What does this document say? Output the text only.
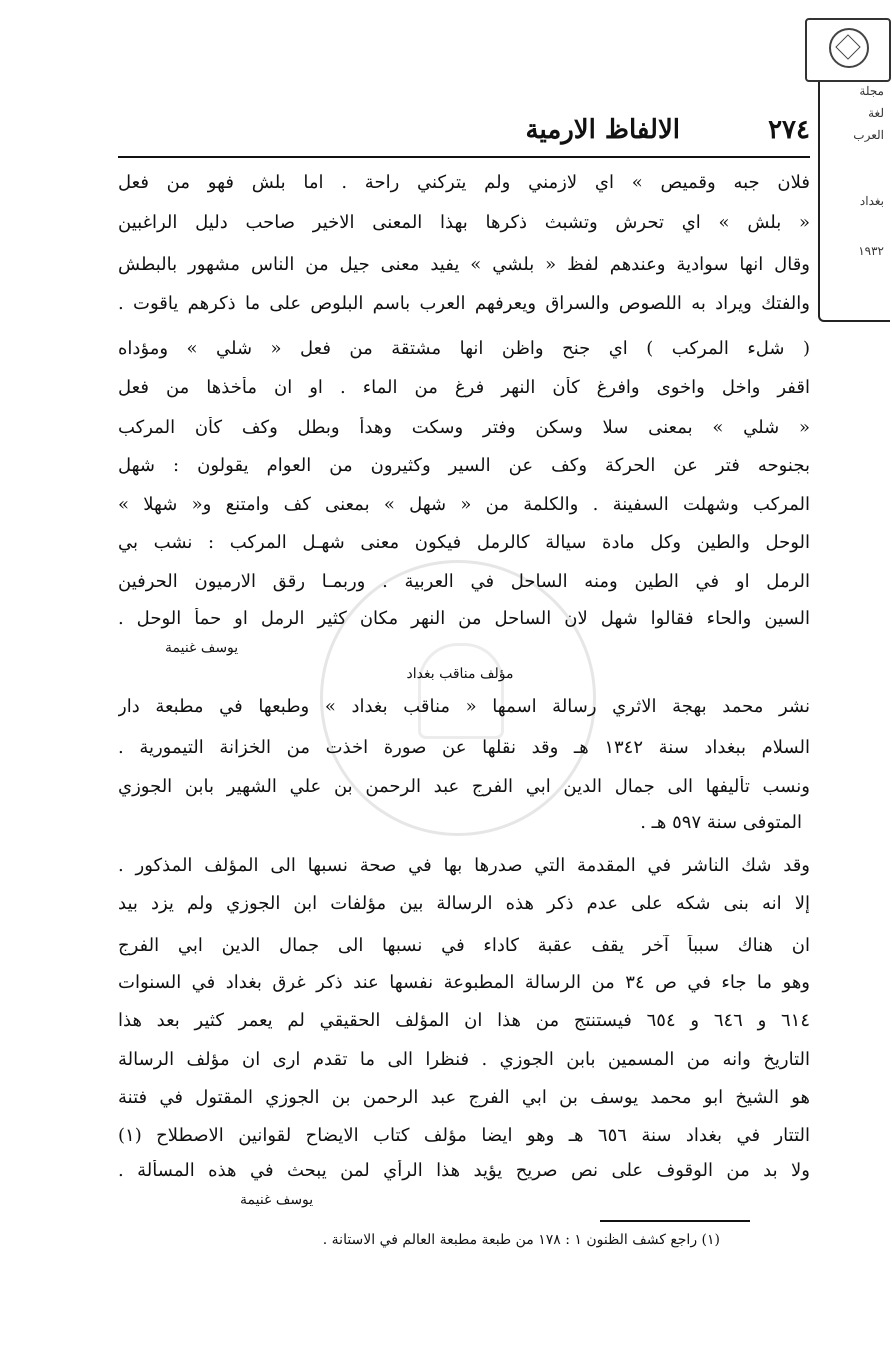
مجلة
لغة
العرب
بغداد
١٩٣٢
٢٧٤
الالفاظ الارمية
فلان جبه وقميص » اي لازمني ولم يتركني راحة . اما بلش فهو من فعل
« بلش » اي تحرش وتشبث ذكرها بهذا المعنى الاخير صاحب دليل الراغبين
وقال انها سوادية وعندهم لفظ « بلشي » يفيد معنى جيل من الناس مشهور بالبطش
والفتك ويراد به اللصوص والسراق ويعرفهم العرب باسم البلوص على ما ذكرهم ياقوت .
( شلء المركب ) اي جنح واظن انها مشتقة من فعل « شلي » ومؤداه
اقفر واخل واخوى وافرغ كأن النهر فرغ من الماء . او ان مأخذها من فعل
« شلي » بمعنى سلا وسكن وفتر وسكت وهدأ وبطل وكف كأن المركب
بجنوحه فتر عن الحركة وكف عن السير وكثيرون من العوام يقولون : شهل
المركب وشهلت السفينة . والكلمة من « شهل » بمعنى كف وامتنع و« شهلا »
الوحل والطين وكل مادة سيالة كالرمل فيكون معنى شهـل المركب : نشب بي
الرمل او في الطين ومنه الساحل في العربية . وربمـا رقق الارميون الحرفين
السين والحاء فقالوا شهل لان الساحل من النهر مكان كثير الرمل او حمأ الوحل .
يوسف غنيمة
مؤلف مناقب بغداد
نشر محمد بهجة الاثري رسالة اسمها « مناقب بغداد » وطبعها في مطبعة دار
السلام ببغداد سنة ١٣٤٢ هـ وقد نقلها عن صورة اخذت من الخزانة التيمورية .
ونسب تأليفها الى جمال الدين ابي الفرج عبد الرحمن بن علي الشهير بابن الجوزي
المتوفى سنة ٥٩٧ هـ .
وقد شك الناشر في المقدمة التي صدرها بها في صحة نسبها الى المؤلف المذكور .
إلا انه بنى شكه على عدم ذكر هذه الرسالة بين مؤلفات ابن الجوزي ولم يزد بيد
ان هناك سبباً آخر يقف عقبة كاداء في نسبها الى جمال الدين ابي الفرج
وهو ما جاء في ص ٣٤ من الرسالة المطبوعة نفسها عند ذكر غرق بغداد في السنوات
٦١٤ و ٦٤٦ و ٦٥٤ فيستنتج من هذا ان المؤلف الحقيقي لم يعمر كثير بعد هذا
التاريخ وانه من المسمين بابن الجوزي . فنظرا الى ما تقدم ارى ان مؤلف الرسالة
هو الشيخ ابو محمد يوسف بن ابي الفرج عبد الرحمن بن الجوزي المقتول في فتنة
التتار في بغداد سنة ٦٥٦ هـ وهو ايضا مؤلف كتاب الايضاح لقوانين الاصطلاح (١)
ولا بد من الوقوف على نص صريح يؤيد هذا الرأي لمن يبحث في هذه المسألة .
يوسف غنيمة
(١) راجع كشف الظنون ١ : ١٧٨ من طبعة مطبعة العالم في الاستانة .
